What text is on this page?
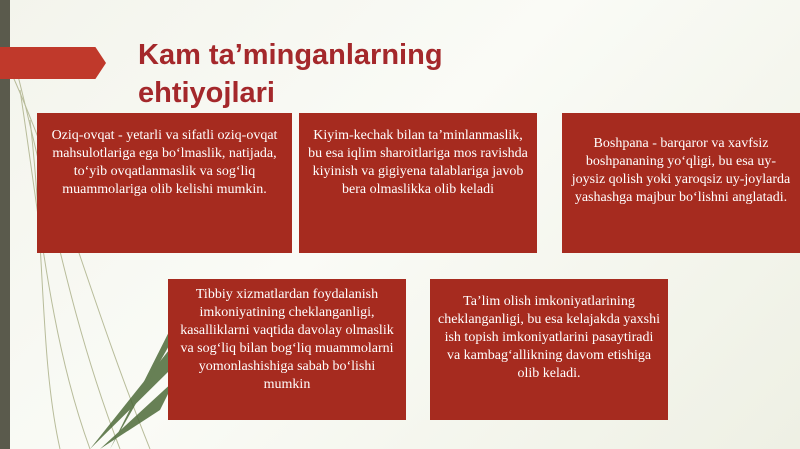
Kam ta’minganlarning ehtiyojlari
Oziq-ovqat - yetarli va sifatli oziq-ovqat mahsulotlariga ega bo‘lmaslik, natijada, to‘yib ovqatlanmaslik va sog‘liq muammolariga olib kelishi mumkin.
Kiyim-kechak bilan ta’minlanmaslik, bu esa iqlim sharoitlariga mos ravishda kiyinish va gigiyena talablariga javob bera olmaslikka olib keladi
Boshpana - barqaror va xavfsiz boshpananing yo‘qligi, bu esa uy-joysiz qolish yoki yaroqsiz uy-joylarda yashashga majbur bo‘lishni anglatadi.
Tibbiy xizmatlardan foydalanish imkoniyatining cheklanganligi, kasalliklarni vaqtida davolay olmaslik va sog‘liq bilan bog‘liq muammolarni yomonlashishiga sabab bo‘lishi mumkin
Ta’lim olish imkoniyatlarining cheklanganligi, bu esa kelajakda yaxshi ish topish imkoniyatlarini pasaytiradi va kambag‘allikning davom etishiga olib keladi.
